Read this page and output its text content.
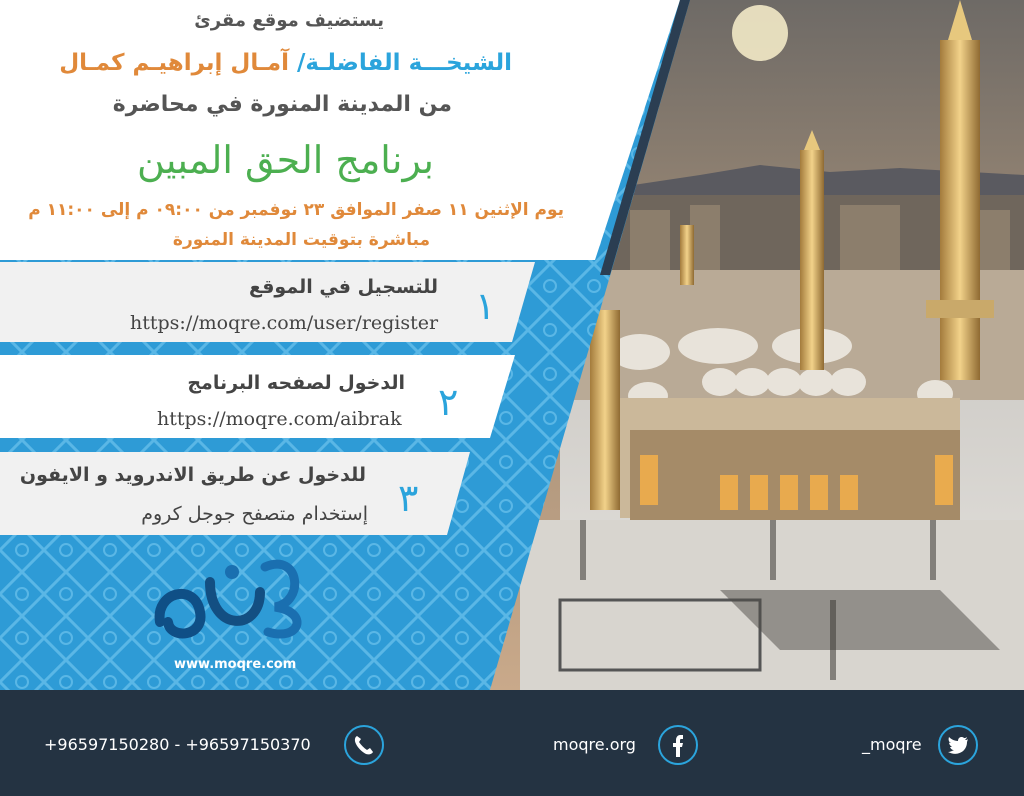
يستضيف موقع مقرئ
الشيخـــة الفاضلـة/ آمـال إبراهيـم كمـال
من المدينة المنورة في محاضرة
برنامج الحق المبين
يوم الإثنين ١١ صفر الموافق ٢٣ نوفمبر من ٠٩:٠٠ م إلى ١١:٠٠ م
مباشرة بتوقيت المدينة المنورة
للتسجيل في الموقع
https://moqre.com/user/register ١
الدخول لصفحه البرنامج
https://moqre.com/aibrak ٢
للدخول عن طريق الاندرويد و الايفون
إستخدام متصفح جوجل كروم ٣
www.moqre.com
+96597150280 - +96597150370	moqre.org	_moqre
